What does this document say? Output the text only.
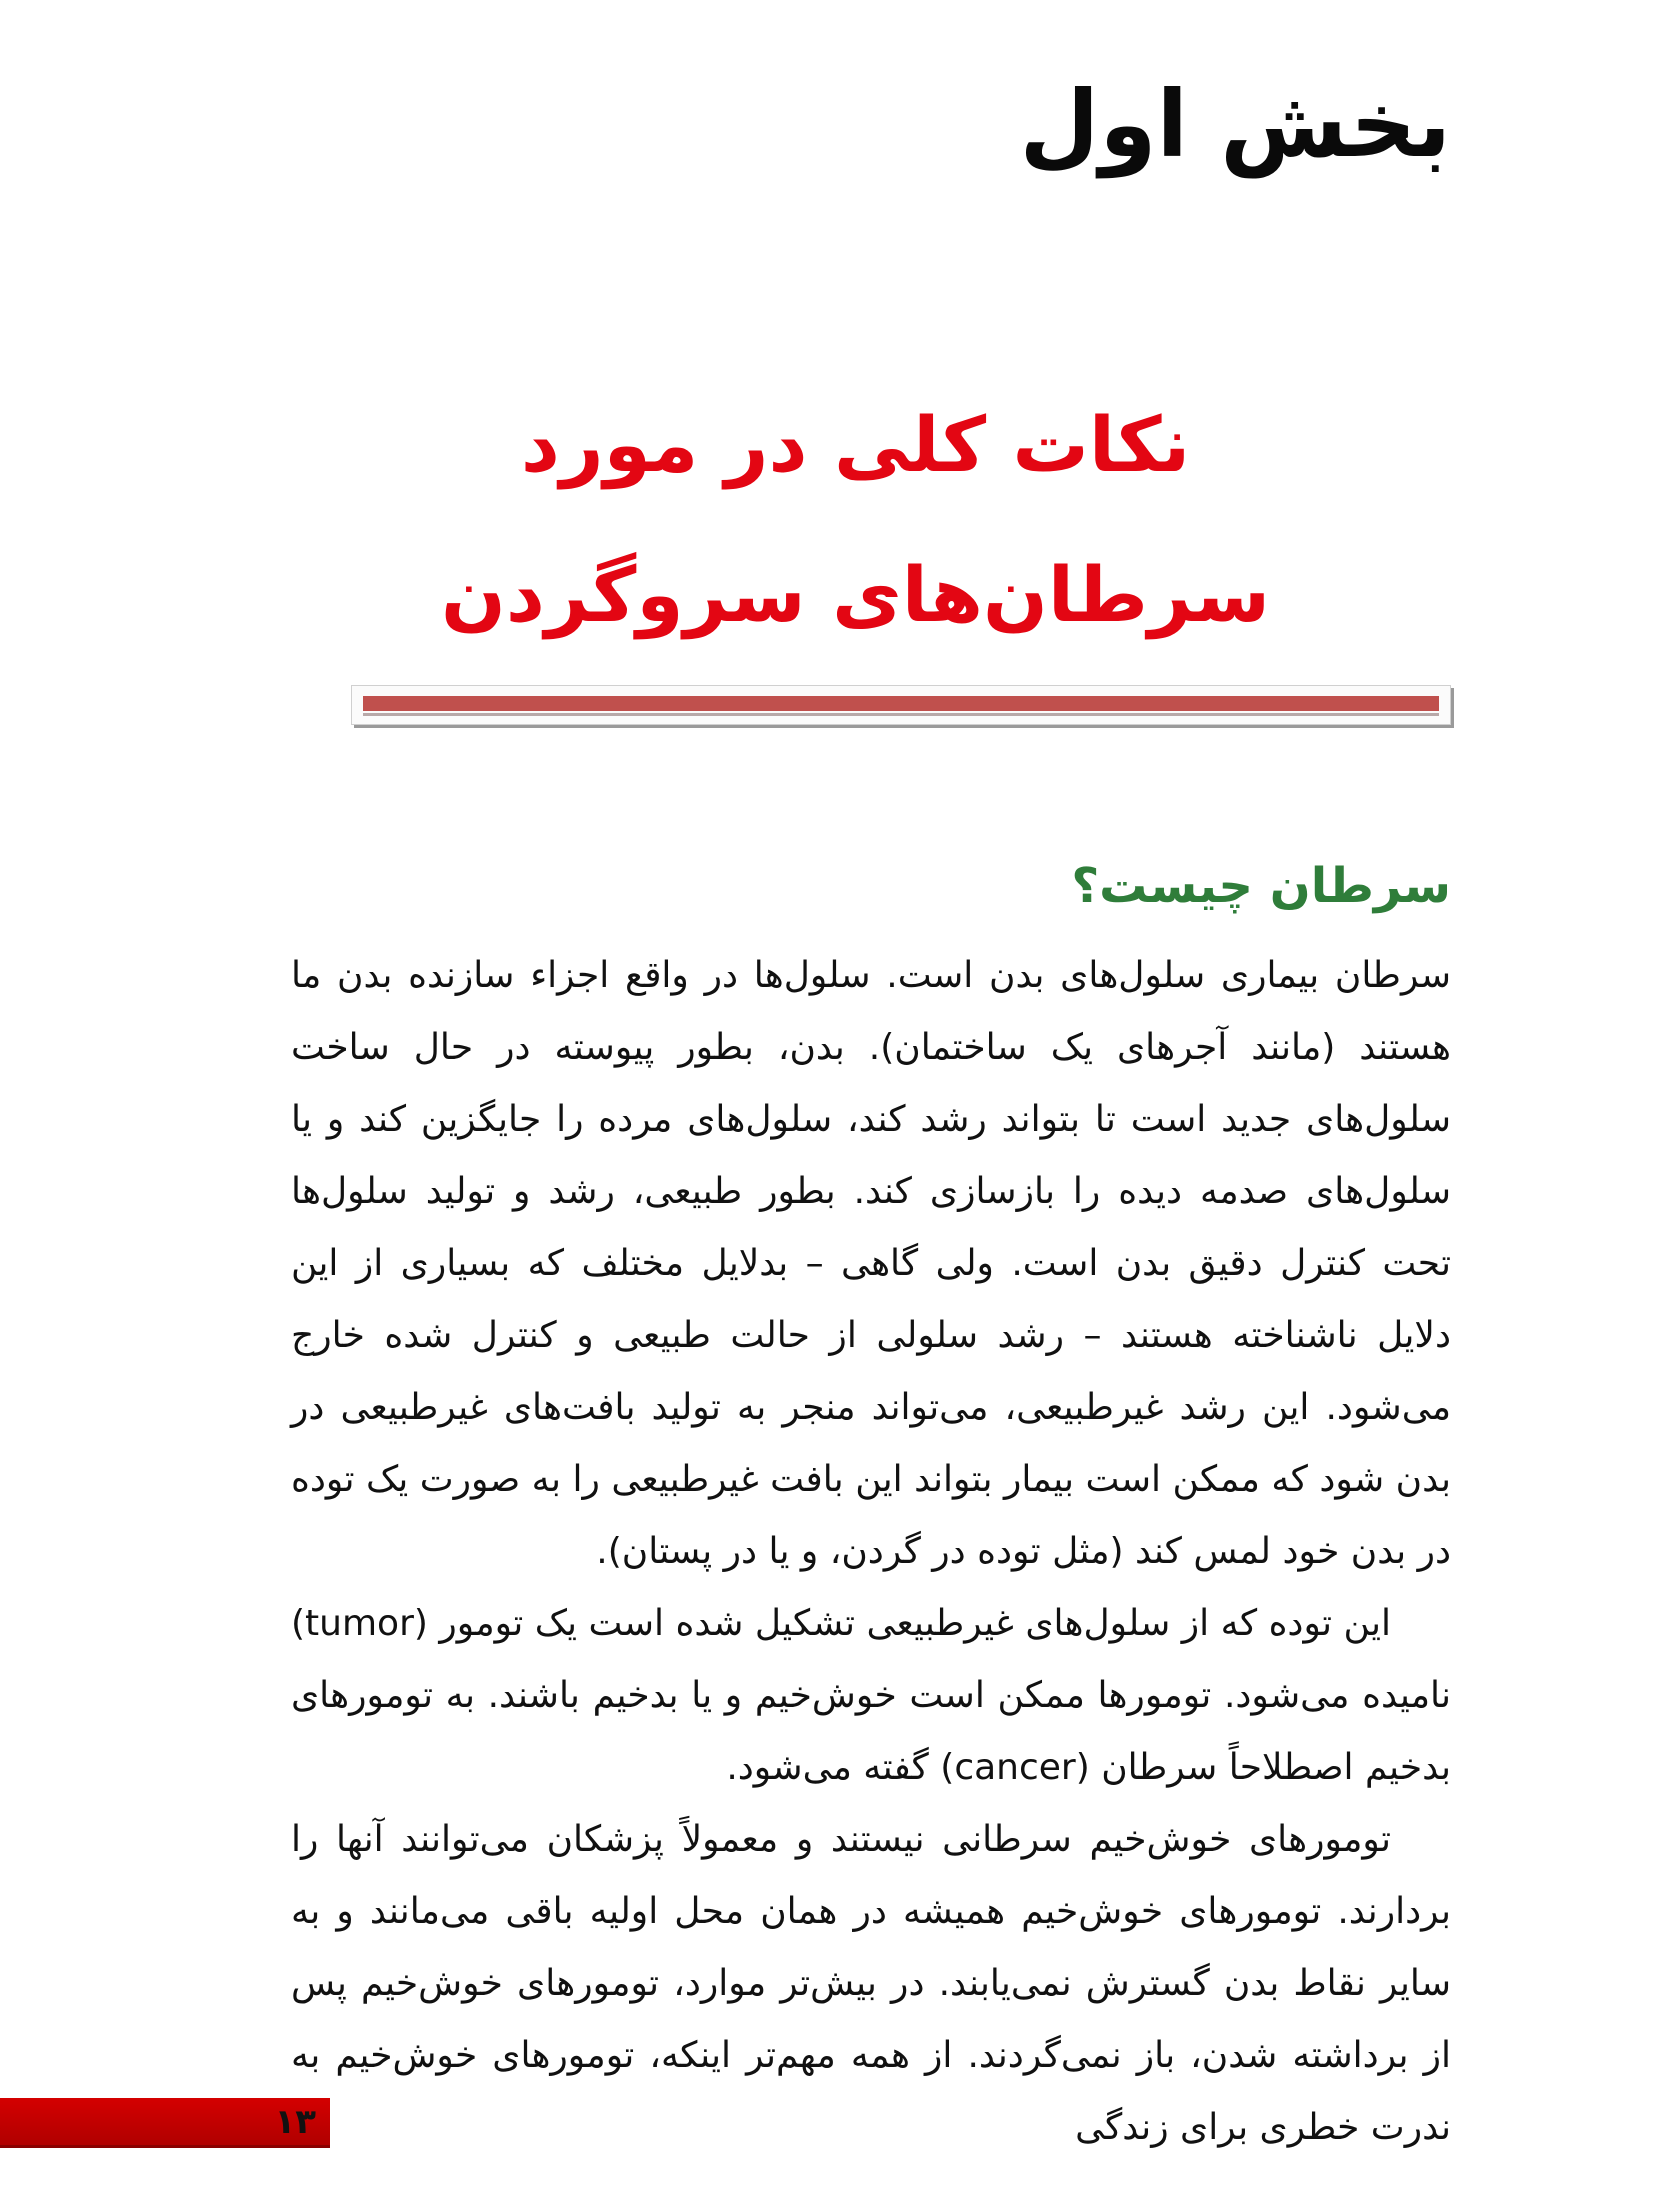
بخش اول
نکات کلی در مورد سرطان‌های سروگردن
سرطان چیست؟

سرطان بیماری سلول‌های بدن است. سلول‌ها در واقع اجزاء سازنده بدن ما هستند (مانند آجرهای یک ساختمان). بدن، بطور پیوسته در حال ساخت سلول‌های جدید است تا بتواند رشد کند، سلول‌های مرده را جایگزین کند و یا سلول‌های صدمه دیده را بازسازی کند. بطور طبیعی، رشد و تولید سلول‌ها تحت کنترل دقیق بدن است. ولی گاهی – بدلایل مختلف که بسیاری از این دلایل ناشناخته هستند – رشد سلولی از حالت طبیعی و کنترل شده خارج می‌شود. این رشد غیرطبیعی، می‌تواند منجر به تولید بافت‌های غیرطبیعی در بدن شود که ممکن است بیمار بتواند این بافت غیرطبیعی را به صورت یک توده در بدن خود لمس کند (مثل توده در گردن، و یا در پستان).

این توده که از سلول‌های غیرطبیعی تشکیل شده است یک تومور (tumor) نامیده می‌شود. تومورها ممکن است خوش‌خیم و یا بدخیم باشند. به تومورهای بدخیم اصطلاحاً سرطان (cancer) گفته می‌شود.

تومورهای خوش‌خیم سرطانی نیستند و معمولاً پزشکان می‌توانند آنها را بردارند. تومورهای خوش‌خیم همیشه در همان محل اولیه باقی می‌مانند و به سایر نقاط بدن گسترش نمی‌یابند. در بیش‌تر موارد، تومورهای خوش‌خیم پس از برداشته شدن، باز نمی‌گردند. از همه مهم‌تر اینکه، تومورهای خوش‌خیم به ندرت خطری برای زندگی

۱۳
